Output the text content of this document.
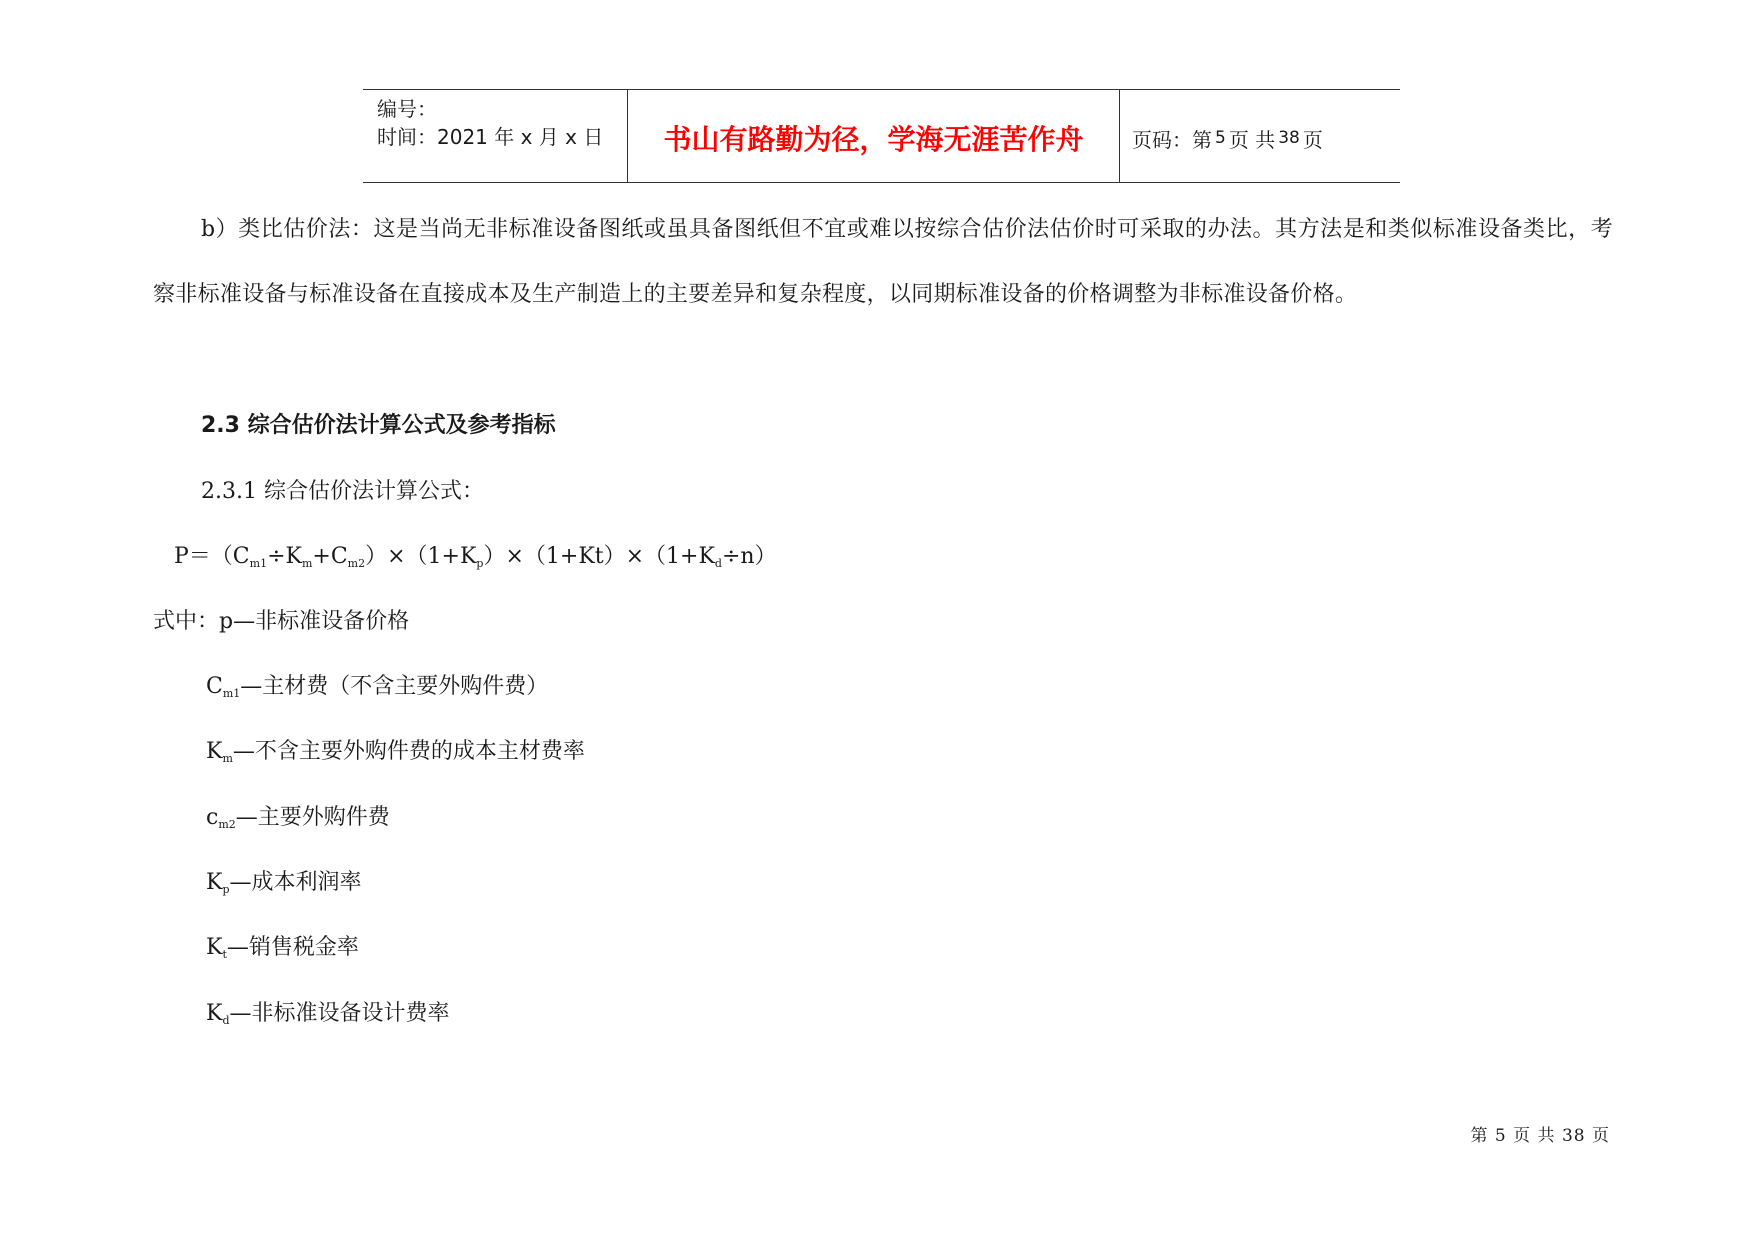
编号：
时间：2021 年 x 月 x 日	书山有路勤为径，学海无涯苦作舟	页码：第 5 页 共 38 页

b）类比估价法：这是当尚无非标准设备图纸或虽具备图纸但不宜或难以按综合估价法估价时可采取的办法。其方法是和类似标准设备类比，考察非标准设备与标准设备在直接成本及生产制造上的主要差异和复杂程度，以同期标准设备的价格调整为非标准设备价格。

2.3 综合估价法计算公式及参考指标
2.3.1 综合估价法计算公式：
$P=(C_{m1}\div K_m+C_{m2})\times(1+K_p)\times(1+Kt)\times(1+K_d\div n)$
式中：p—非标准设备价格
$C_{m1}—$主材费（不含主要外购件费）
$K_m—$不含主要外购件费的成本主材费率
$c_{m2}—$主要外购件费
$K_p—$成本利润率
$K_t—$销售税金率
$K_d—$非标准设备设计费率
第 5 页 共 38 页
